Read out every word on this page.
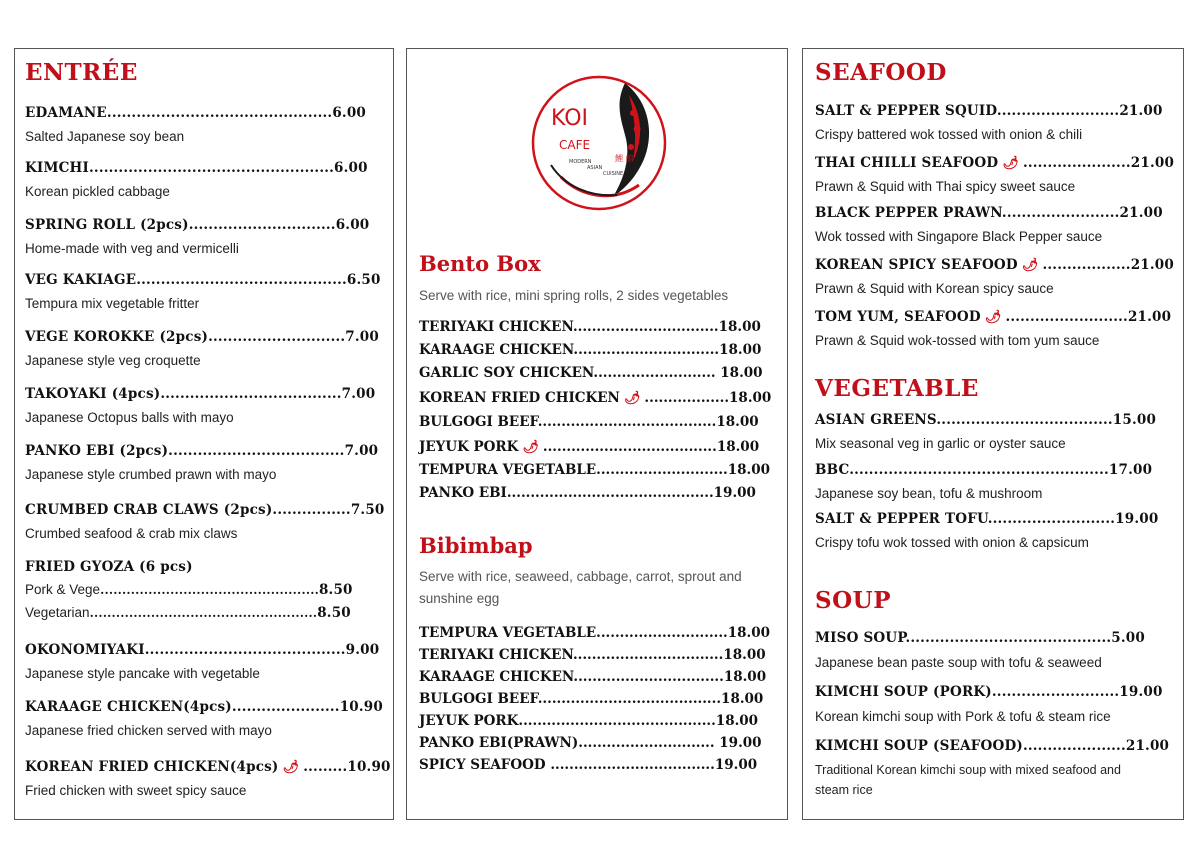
ENTRÉE
EDAMANE..............................................6.00
Salted Japanese soy bean
KIMCHI..................................................6.00
Korean pickled cabbage
SPRING ROLL (2pcs)..............................6.00
Home-made with veg and vermicelli
VEG KAKIAGE...........................................6.50
Tempura mix vegetable fritter
VEGE KOROKKE (2pcs)............................7.00
Japanese style veg croquette
TAKOYAKI (4pcs).....................................7.00
Japanese Octopus balls with mayo
PANKO EBI (2pcs)....................................7.00
Japanese style crumbed prawn with mayo
CRUMBED CRAB CLAWS (2pcs)................7.50
Crumbed seafood & crab mix claws
FRIED GYOZA (6 pcs)
Pork & Vege..................................................8.50
Vegetarian....................................................8.50
OKONOMIYAKI.........................................9.00
Japanese style pancake with vegetable
KARAAGE CHICKEN(4pcs)......................10.90
Japanese fried chicken served with mayo
KOREAN FRIED CHICKEN(4pcs) 🌶 .........10.90
Fried chicken with sweet spicy sauce
KOI
CAFE
MODERN
ASIAN
CUISINE
鯉 館
Bento Box
Serve with rice, mini spring rolls, 2 sides vegetables
TERIYAKI CHICKEN...............................18.00
KARAAGE CHICKEN...............................18.00
GARLIC SOY CHICKEN.......................... 18.00
KOREAN FRIED CHICKEN 🌶 ..................18.00
BULGOGI BEEF......................................18.00
JEYUK PORK 🌶 .....................................18.00
TEMPURA VEGETABLE............................18.00
PANKO EBI............................................19.00
Bibimbap
Serve with rice, seaweed, cabbage, carrot, sprout and
sunshine egg
TEMPURA VEGETABLE............................18.00
TERIYAKI CHICKEN................................18.00
KARAAGE CHICKEN................................18.00
BULGOGI BEEF.......................................18.00
JEYUK PORK..........................................18.00
PANKO EBI(PRAWN)............................. 19.00
SPICY SEAFOOD ...................................19.00
SEAFOOD
SALT & PEPPER SQUID.........................21.00
Crispy battered wok tossed with onion & chili
THAI CHILLI SEAFOOD 🌶 ......................21.00
Prawn & Squid with Thai spicy sweet sauce
BLACK PEPPER PRAWN........................21.00
Wok tossed with Singapore Black Pepper sauce
KOREAN SPICY SEAFOOD 🌶 ..................21.00
Prawn & Squid with Korean spicy sauce
TOM YUM, SEAFOOD 🌶 .........................21.00
Prawn & Squid wok-tossed with tom yum sauce
VEGETABLE
ASIAN GREENS....................................15.00
Mix seasonal veg in garlic or oyster sauce
BBC.....................................................17.00
Japanese soy bean, tofu & mushroom
SALT & PEPPER TOFU..........................19.00
Crispy tofu wok tossed with onion & capsicum
SOUP
MISO SOUP..........................................5.00
Japanese bean paste soup with tofu & seaweed
KIMCHI SOUP (PORK)..........................19.00
Korean kimchi soup with Pork & tofu & steam rice
KIMCHI SOUP (SEAFOOD).....................21.00
Traditional Korean kimchi soup with mixed seafood and
steam rice
